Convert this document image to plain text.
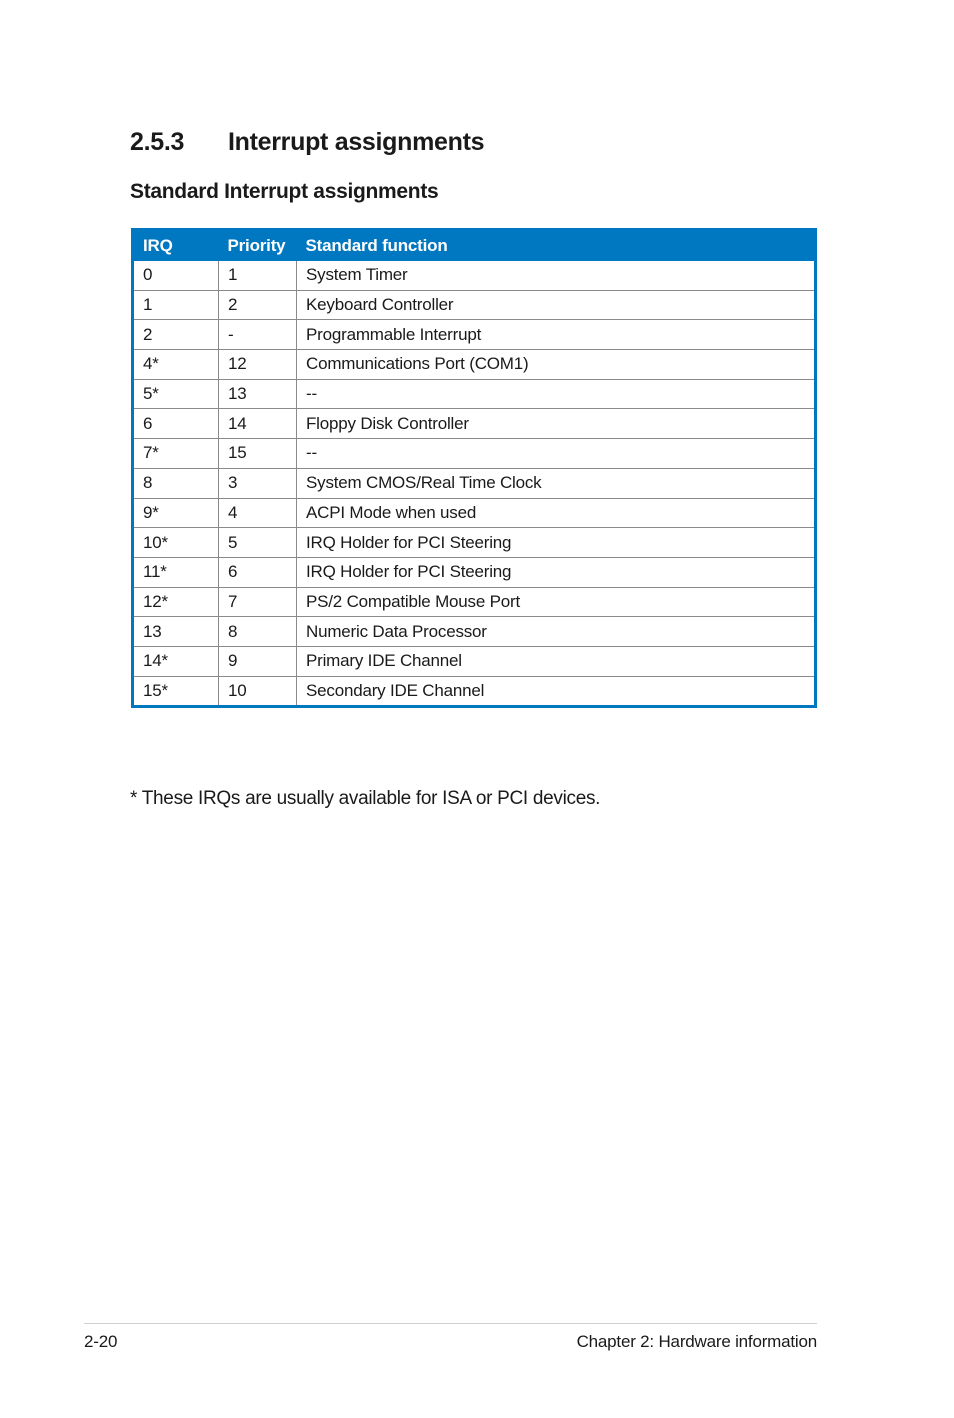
2.5.3 Interrupt assignments
Standard Interrupt assignments
IRQ	Priority	Standard function
0	1	System Timer
1	2	Keyboard Controller
2	-	Programmable Interrupt
4*	12	Communications Port (COM1)
5*	13	--
6	14	Floppy Disk Controller
7*	15	--
8	3	System CMOS/Real Time Clock
9*	4	ACPI Mode when used
10*	5	IRQ Holder for PCI Steering
11*	6	IRQ Holder for PCI Steering
12*	7	PS/2 Compatible Mouse Port
13	8	Numeric Data Processor
14*	9	Primary IDE Channel
15*	10	Secondary IDE Channel
* These IRQs are usually available for ISA or PCI devices.
2-20	Chapter 2: Hardware information
